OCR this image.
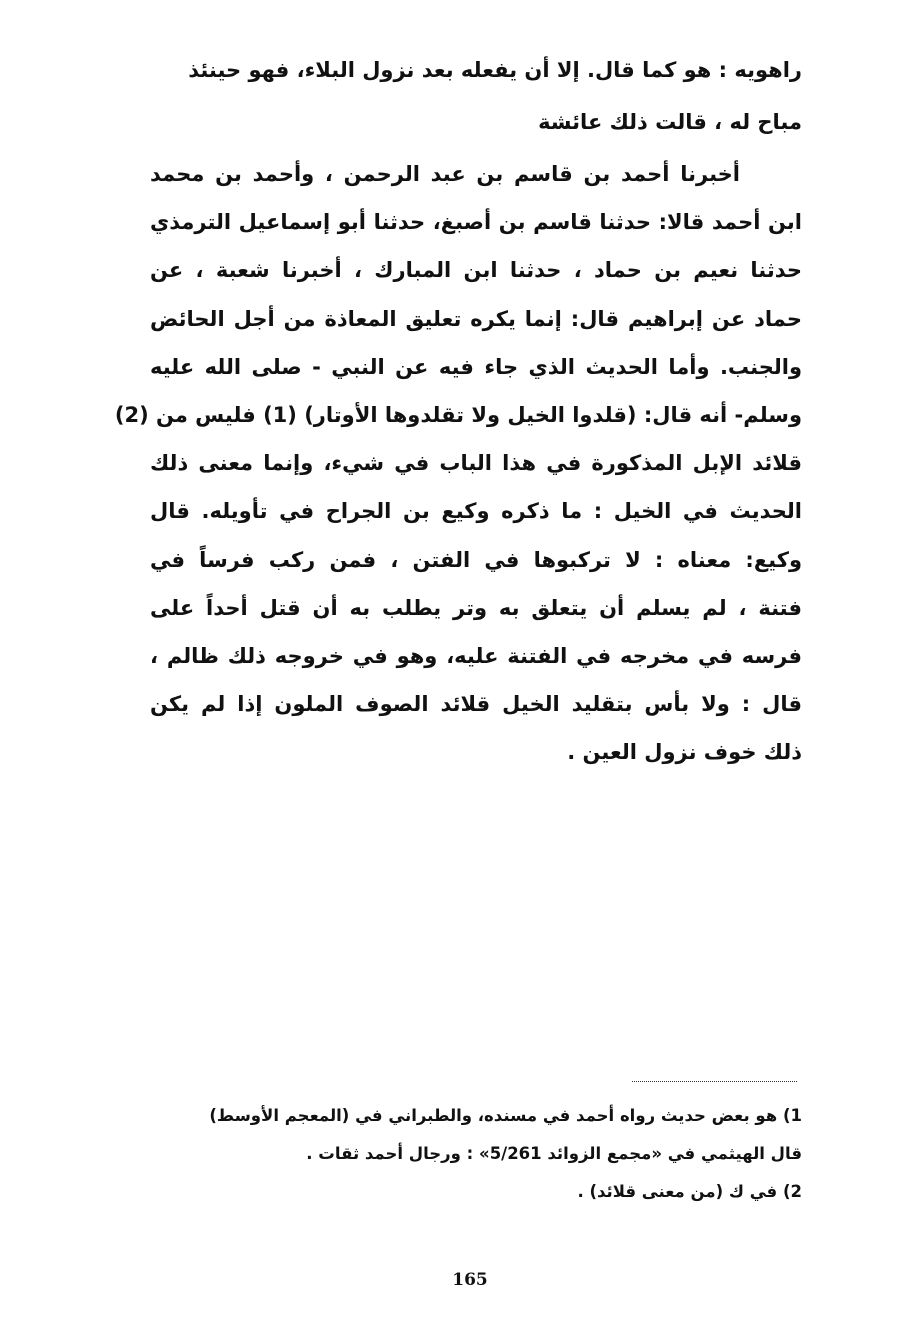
راهويه : هو كما قال. إلا أن يفعله بعد نزول البلاء، فهو حينئذ
مباح له ، قالت ذلك عائشة
أخبرنا أحمد بن قاسم بن عبد الرحمن ، وأحمد بن محمد
ابن أحمد قالا: حدثنا قاسم بن أصبغ، حدثنا أبو إسماعيل الترمذي
حدثنا نعيم بن حماد ، حدثنا ابن المبارك ، أخبرنا شعبة ، عن
حماد عن إبراهيم قال: إنما يكره تعليق المعاذة من أجل الحائض
والجنب. وأما الحديث الذي جاء فيه عن النبي - صلى الله عليه
وسلم- أنه قال: (قلدوا الخيل ولا تقلدوها الأوتار) (1) فليس من (2)
قلائد الإبل المذكورة في هذا الباب في شيء، وإنما معنى ذلك
الحديث في الخيل : ما ذكره وكيع بن الجراح في تأويله. قال
وكيع: معناه : لا تركبوها في الفتن ، فمن ركب فرساً في
فتنة ، لم يسلم أن يتعلق به وتر يطلب به أن قتل أحداً على
فرسه في مخرجه في الفتنة عليه، وهو في خروجه ذلك ظالم ،
قال : ولا بأس بتقليد الخيل قلائد الصوف الملون إذا لم يكن
ذلك خوف نزول العين .
1) هو بعض حديث رواه أحمد في مسنده، والطبراني في (المعجم الأوسط)
قال الهيثمي في «مجمع الزوائد 5/261» : ورجال أحمد ثقات .
2) في ك (من معنى قلائد) .
165
